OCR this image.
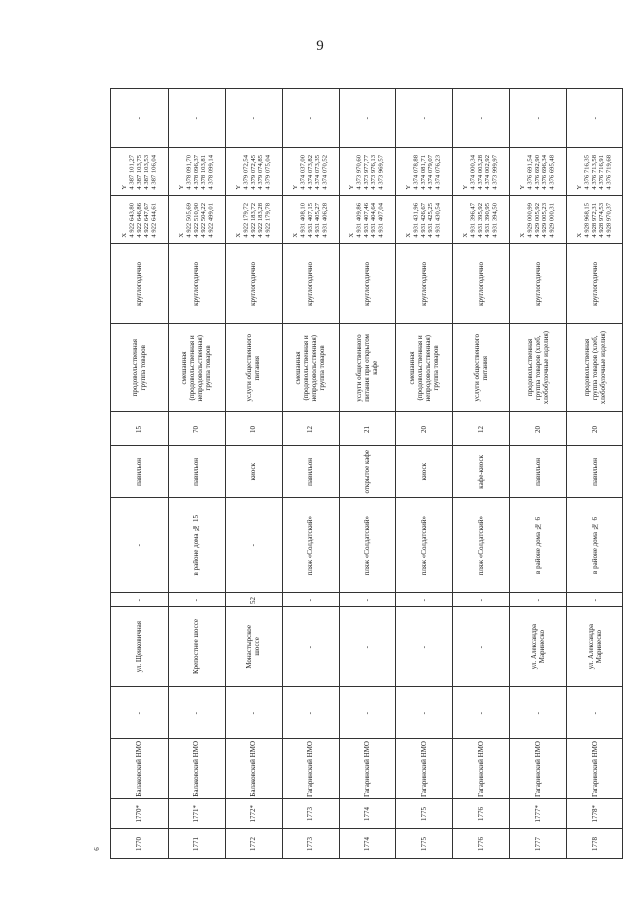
9
6	1770
1770*
Балаковский НМО
-
ул. Щеиковичная
-
-
павильон
15
продовольственная
группа товаров
круглогодично
X
4 922 643,80
4 922 646,86
4 922 647,67
4 922 644,61
Y
4 387 101,27
4 387 103,75
4 387 103,53
4 387 106,04
-
1771
1771*
Балаковский НМО
-
Крепостнее шоссе
-
в районе дома № 15
павильон
70
смешанная
(продовольственная и
непродовольственная)
группа товаров
круглогодично
X
4 922 505,69
4 922 510,90
4 922 504,22
4 922 499,01
Y
4 378 091,70
4 378 096,37
4 378 103,81
4 378 099,14
-
1772
1772*
Балаковский НМО
-
Монастырское
шоссе
52
-
киоск
10
услуги общественного
питания
круглогодично
X
4 922 179,72
4 922 183,72
4 922 183,28
4 922 179,78
Y
4 379 072,54
4 379 072,45
4 379 074,85
4 379 075,04
-
1773
1773
Гагаринский НМО
-
-
-
пляж «Солдатский»
павильон
12
смешанная
(продовольственная и
непродовольственная)
группа товаров
круглогодично
X
4 931 408,10
4 931 407,15
4 931 405,27
4 931 406,28
Y
4 374 037,00
4 374 073,82
4 374 073,35
4 374 070,52
-
1774
1774
Гагаринский НМО
-
-
-
пляж «Солдатский»
открытое кафе
21
услуги общественного
питания при открытом
кафе
круглогодично
X
4 931 409,86
4 931 407,46
4 931 404,64
4 931 407,04
Y
4 373 970,60
4 373 977,77
4 373 976,13
4 373 969,57
-
1775
1775
Гагаринский НМО
-
-
-
пляж «Солдатский»
киоск
20
смешанная
(продовольственная и
непродовольственная)
группа товаров
круглогодично
X
4 931 431,96
4 931 426,67
4 931 425,25
4 931 430,54
Y
4 374 078,88
4 374 081,71
4 374 079,07
4 374 076,23
-
1776
1776
Гагаринский НМО
-
-
-
пляж «Солдатский»
кафе-киоск
12
услуги общественного
питания
круглогодично
X
4 931 396,47
4 931 395,92
4 931 390,95
4 931 394,50
Y
4 374 000,34
4 374 003,28
4 374 002,92
4 373 999,97
-
1777
1777*
Гагаринский НМО
-
ул. Александра
Маринеско
-
в районе дома № 6
павильон
20
продовольственная
группа товаров (хлеб,
хлебобулочные изделия)
круглогодично
X
4 929 000,99
4 929 005,92
4 929 005,23
4 929 000,31
Y
4 376 691,54
4 376 692,90
4 376 696,34
4 376 695,48
-
1778
1778*
Гагаринский НМО
-
ул. Александра
Маринеско
-
в районе дома № 6
павильон
20
продовольственная
группа товаров (хлеб,
хлебобулочные изделия)
круглогодично
X
4 928 968,15
4 928 972,31
4 928 974,53
4 928 970,37
Y
4 376 716,35
4 376 713,58
4 376 716,91
4 376 719,68
-
